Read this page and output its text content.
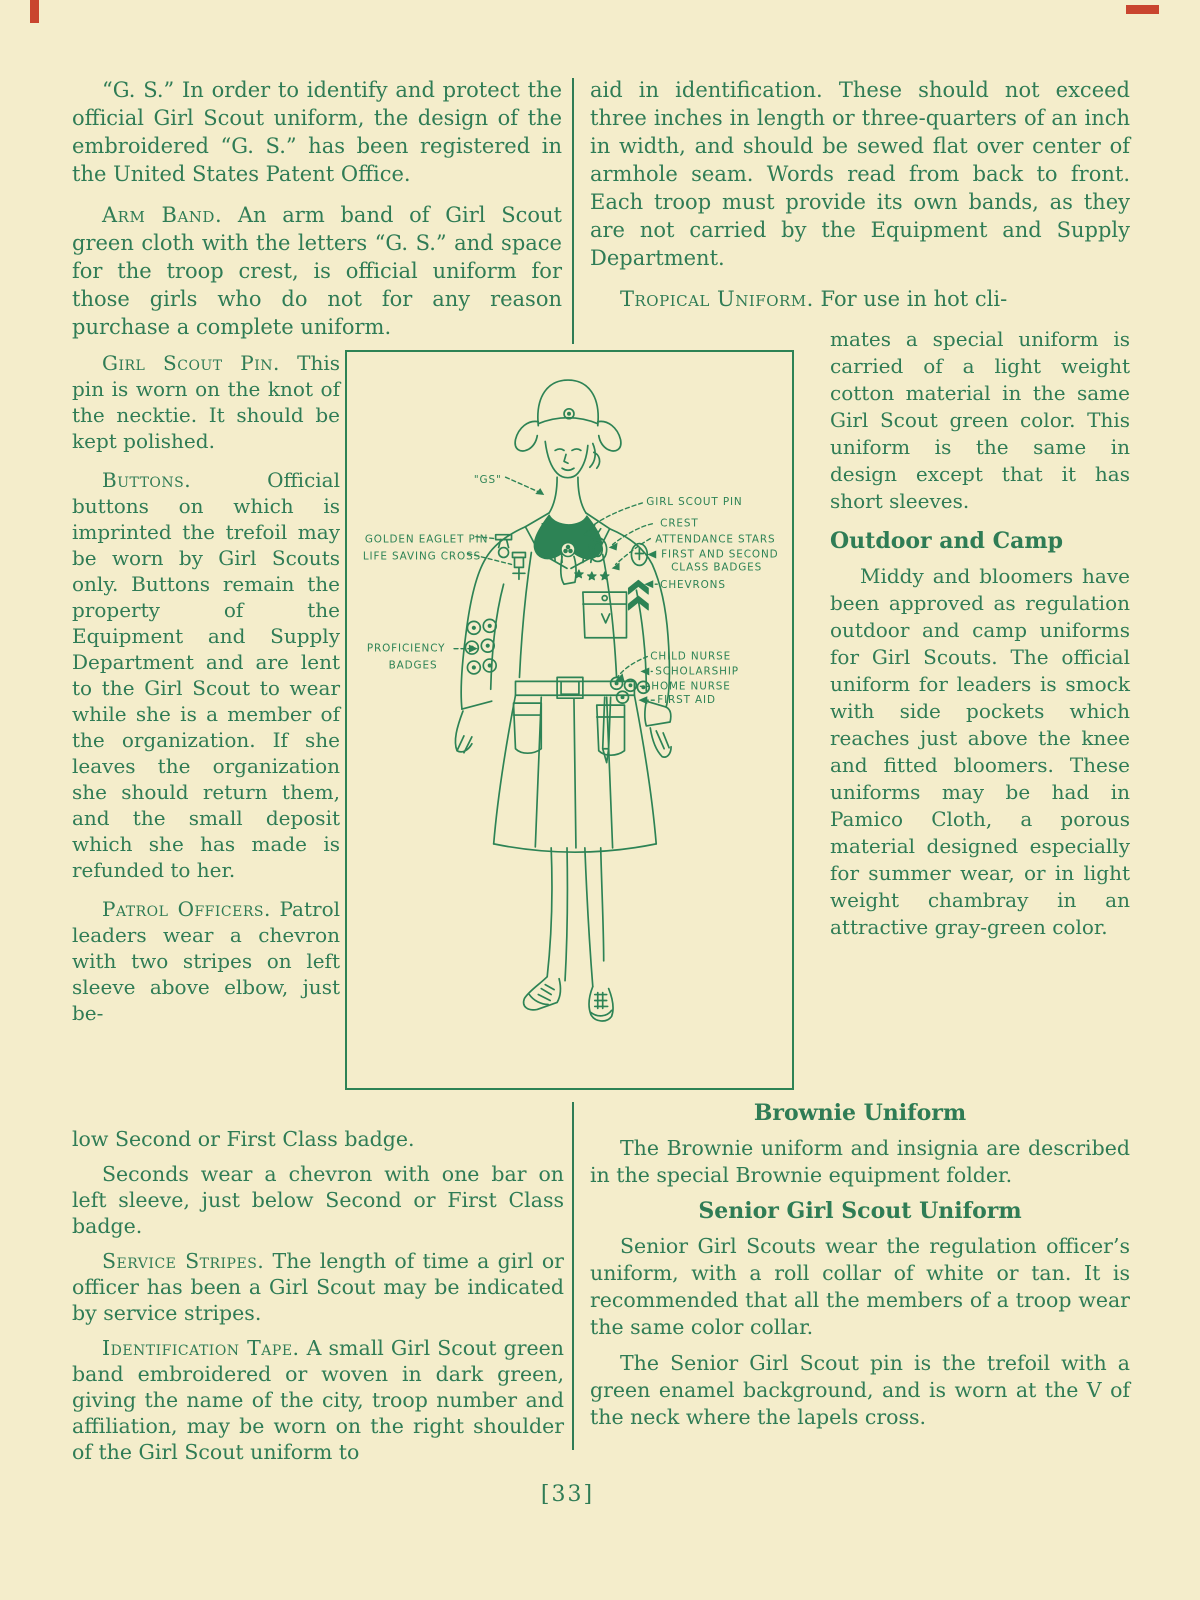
“G. S.” In order to identify and protect the official Girl Scout uniform, the design of the embroidered “G. S.” has been registered in the United States Patent Office.

Arm Band. An arm band of Girl Scout green cloth with the letters “G. S.” and space for the troop crest, is official uniform for those girls who do not for any reason purchase a complete uniform.

Girl Scout Pin. This pin is worn on the knot of the necktie. It should be kept polished.

Buttons.	Official buttons on which is imprinted the trefoil may be worn by Girl Scouts only. Buttons remain the property of the Equipment and Supply Department and are lent to the Girl Scout to wear while she is a member of the organization. If she leaves the organization she should return them, and the small deposit which she has made is refunded to her.

Patrol Officers. Patrol leaders wear a chevron with two stripes on left sleeve above elbow, just be-

low Second or First Class badge.

Seconds wear a chevron with one bar on left sleeve, just below Second or First Class badge.

Service Stripes. The length of time a girl or officer has been a Girl Scout may be indicated by service stripes.

Identification Tape. A small Girl Scout green band embroidered or woven in dark green, giving the name of the city, troop number and affiliation, may be worn on the right shoulder of the Girl Scout uniform to

aid in identification. These should not exceed three inches in length or three-quarters of an inch in width, and should be sewed flat over center of armhole seam. Words read from back to front. Each troop must provide its own bands, as they are not carried by the Equipment and Supply Department.

Tropical Uniform. For use in hot cli-

mates a special uniform is carried of a light weight cotton material in the same Girl Scout green color. This uniform is the same in design except that it has short sleeves.

Outdoor and Camp

Middy and bloomers have been approved as regulation outdoor and camp uniforms for Girl Scouts. The official uniform for leaders is smock with side pockets which reaches just above the knee and fitted bloomers. These uniforms may be had in Pamico Cloth, a porous material designed especially for summer wear, or in light weight chambray in an attractive gray-green color.

Brownie Uniform

The Brownie uniform and insignia are described in the special Brownie equipment folder.

Senior Girl Scout Uniform

Senior Girl Scouts wear the regulation officer’s uniform, with a roll collar of white or tan. It is recommended that all the members of a troop wear the same color collar.

The Senior Girl Scout pin is the trefoil with a green enamel background, and is worn at the V of the neck where the lapels cross.

"GS"
GIRL SCOUT PIN
CREST
ATTENDANCE STARS
FIRST AND SECOND
CLASS BADGES
CHEVRONS
GOLDEN EAGLET PIN
LIFE SAVING CROSS
PROFICIENCY
BADGES
CHILD NURSE
SCHOLARSHIP
HOME NURSE
FIRST AID
[33]
